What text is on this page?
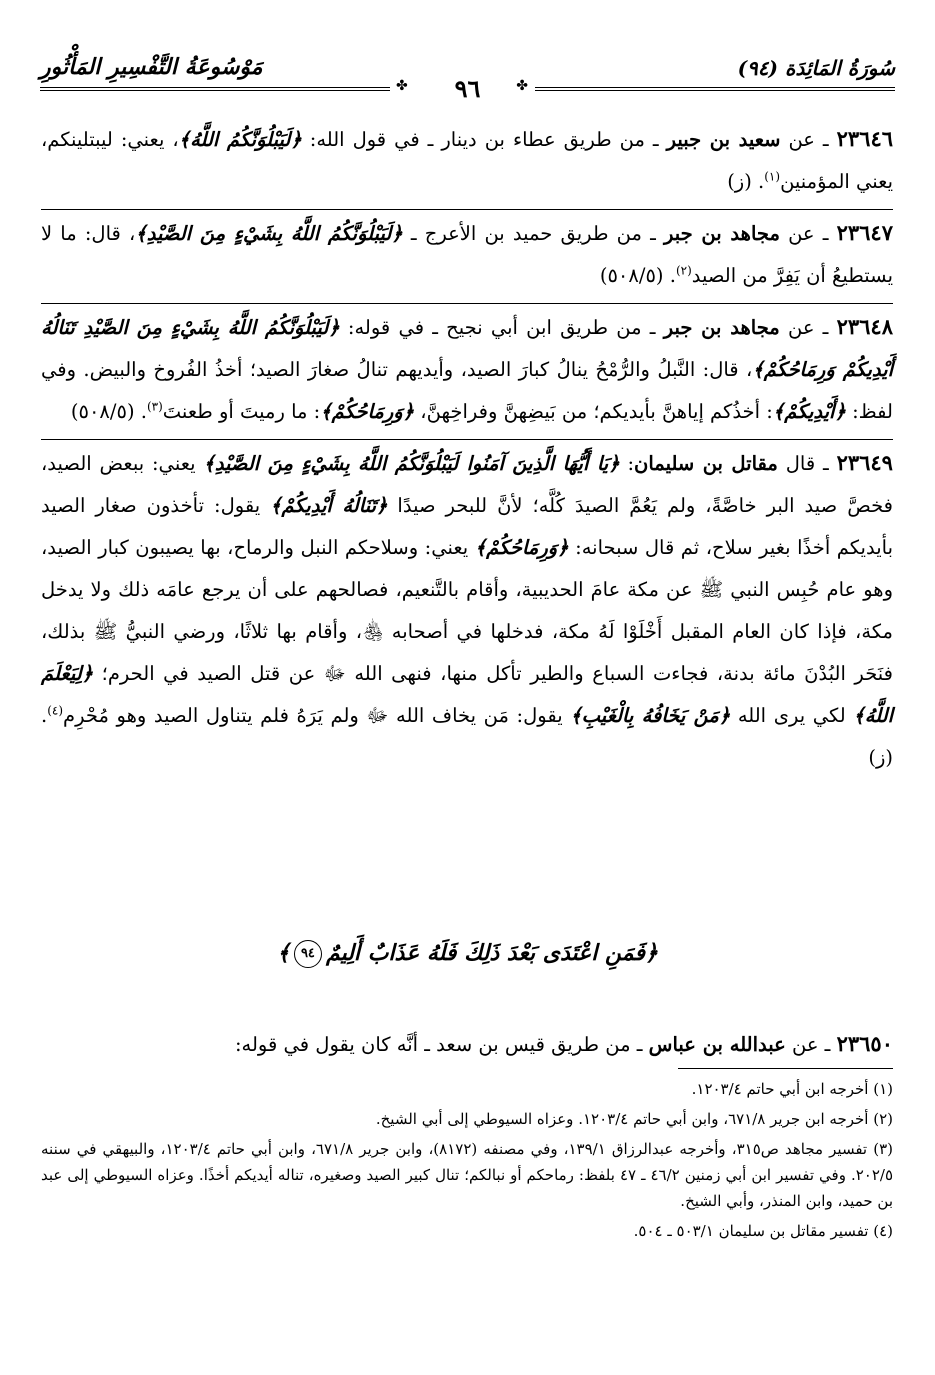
سُورَةُ المَائِدَة (٩٤)
مَوْسُوعَةُ التَّفْسِيرِ المَأْثُورِ
✤	٩٦	✤

٢٣٦٤٦ ـ عن سعيد بن جبير ـ من طريق عطاء بن دينار ـ في قول الله: ﴿لَيَبْلُوَنَّكُمُ اللَّهُ﴾، يعني: ليبتلينكم، يعني المؤمنين$^{(١)}$. (ز)

٢٣٦٤٧ ـ عن مجاهد بن جبر ـ من طريق حميد بن الأعرج ـ ﴿لَيَبْلُوَنَّكُمُ اللَّهُ بِشَيْءٍ مِنَ الصَّيْدِ﴾، قال: ما لا يستطيعُ أن يَفِرَّ من الصيد$^{(٢)}$. (٥٠٨/٥)

٢٣٦٤٨ ـ عن مجاهد بن جبر ـ من طريق ابن أبي نجيح ـ في قوله: ﴿لَيَبْلُوَنَّكُمُ اللَّهُ بِشَيْءٍ مِنَ الصَّيْدِ تَنَالُهُ أَيْدِيكُمْ وَرِمَاحُكُمْ﴾، قال: النَّبلُ والرُّمْحُ ينالُ كبارَ الصيد، وأيديهم تنالُ صغارَ الصيد؛ أخذُ الفُروخ والبيض. وفي لفظ: ﴿أَيْدِيكُمْ﴾: أخذُكم إياهنَّ بأيديكم؛ من بَيضِهنَّ وفراخِهنَّ، ﴿وَرِمَاحُكُمْ﴾: ما رميتَ أو طعنتَ$^{(٣)}$. (٥٠٨/٥)

٢٣٦٤٩ ـ قال مقاتل بن سليمان: ﴿يَا أَيُّهَا الَّذِينَ آمَنُوا لَيَبْلُوَنَّكُمُ اللَّهُ بِشَيْءٍ مِنَ الصَّيْدِ﴾ يعني: ببعض الصيد، فخصَّ صيد البر خاصَّةً، ولم يَعُمَّ الصيدَ كُلَّه؛ لأنَّ للبحر صيدًا ﴿تَنَالُهُ أَيْدِيكُمْ﴾ يقول: تأخذون صغار الصيد بأيديكم أخذًا بغير سلاح، ثم قال سبحانه: ﴿وَرِمَاحُكُمْ﴾ يعني: وسلاحكم النبل والرماح، بها يصيبون كبار الصيد، وهو عام حُبِس النبي ﷺ عن مكة عامَ الحديبية، وأقام بالتَّنعيم، فصالحهم على أن يرجع عامَه ذلك ولا يدخل مكة، فإذا كان العام المقبل أَخْلَوْا لَهُ مكة، فدخلها في أصحابه ﵃، وأقام بها ثلاثًا، ورضي النبيُّ ﷺ بذلك، فنَحَر البُدْنَ مائة بدنة، فجاءت السباع والطير تأكل منها، فنهى الله ﷻ عن قتل الصيد في الحرم؛ ﴿لِيَعْلَمَ اللَّهُ﴾ لكي يرى الله ﴿مَنْ يَخَافُهُ بِالْغَيْبِ﴾ يقول: مَن يخاف الله ﷻ ولم يَرَهُ فلم يتناول الصيد وهو مُحْرِم$^{(٤)}$. (ز)

﴿فَمَنِ اعْتَدَى بَعْدَ ذَلِكَ فَلَهُ عَذَابٌ أَلِيمٌ٩٤﴾

٢٣٦٥٠ ـ عن عبدالله بن عباس ـ من طريق قيس بن سعد ـ أنَّه كان يقول في قوله:

(١) أخرجه ابن أبي حاتم ١٢٠٣/٤.

(٢) أخرجه ابن جرير ٦٧١/٨، وابن أبي حاتم ١٢٠٣/٤. وعزاه السيوطي إلى أبي الشيخ.

(٣) تفسير مجاهد ص٣١٥، وأخرجه عبدالرزاق ١٣٩/١، وفي مصنفه (٨١٧٢)، وابن جرير ٦٧١/٨، وابن أبي حاتم ١٢٠٣/٤، والبيهقي في سننه ٢٠٢/٥. وفي تفسير ابن أبي زمنين ٤٦/٢ ـ ٤٧ بلفظ: رماحكم أو نبالكم؛ تنال كبير الصيد وصغيره، تناله أيديكم أخذًا. وعزاه السيوطي إلى عبد بن حميد، وابن المنذر، وأبي الشيخ.

(٤) تفسير مقاتل بن سليمان ٥٠٣/١ ـ ٥٠٤.
